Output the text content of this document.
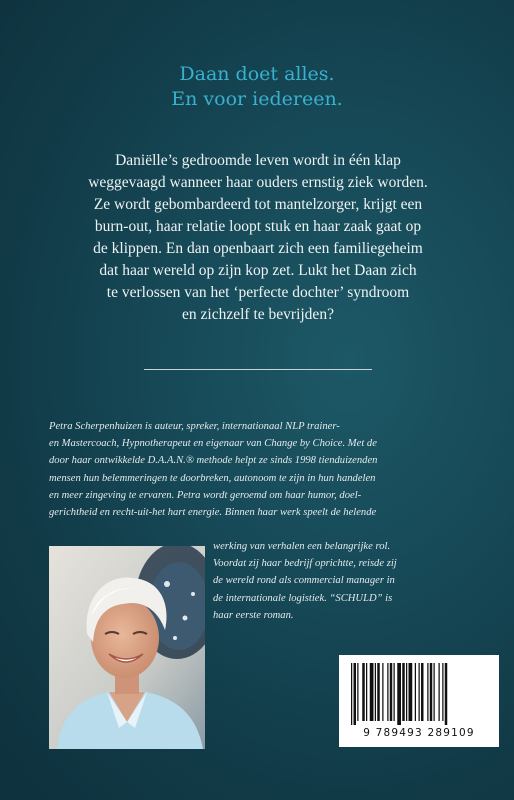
Daan doet alles.
En voor iedereen.
Daniëlle’s gedroomde leven wordt in één klap
weggevaagd wanneer haar ouders ernstig ziek worden.
Ze wordt gebombardeerd tot mantelzorger, krijgt een
burn-out, haar relatie loopt stuk en haar zaak gaat op
de klippen. En dan openbaart zich een familiegeheim
dat haar wereld op zijn kop zet. Lukt het Daan zich
te verlossen van het ‘perfecte dochter’ syndroom
en zichzelf te bevrijden?
Petra Scherpenhuizen is auteur, spreker, internationaal NLP trainer-
en Mastercoach, Hypnotherapeut en eigenaar van Change by Choice. Met de
door haar ontwikkelde D.A.A.N.® methode helpt ze sinds 1998 tienduizenden
mensen hun belemmeringen te doorbreken, autonoom te zijn in hun handelen
en meer zingeving te ervaren. Petra wordt geroemd om haar humor, doel-
gerichtheid en recht-uit-het hart energie. Binnen haar werk speelt de helende
werking van verhalen een belangrijke rol.
Voordat zij haar bedrijf oprichtte, reisde zij
de wereld rond als commercial manager in
de internationale logistiek. “SCHULD” is
haar eerste roman.
9 789493 289109
